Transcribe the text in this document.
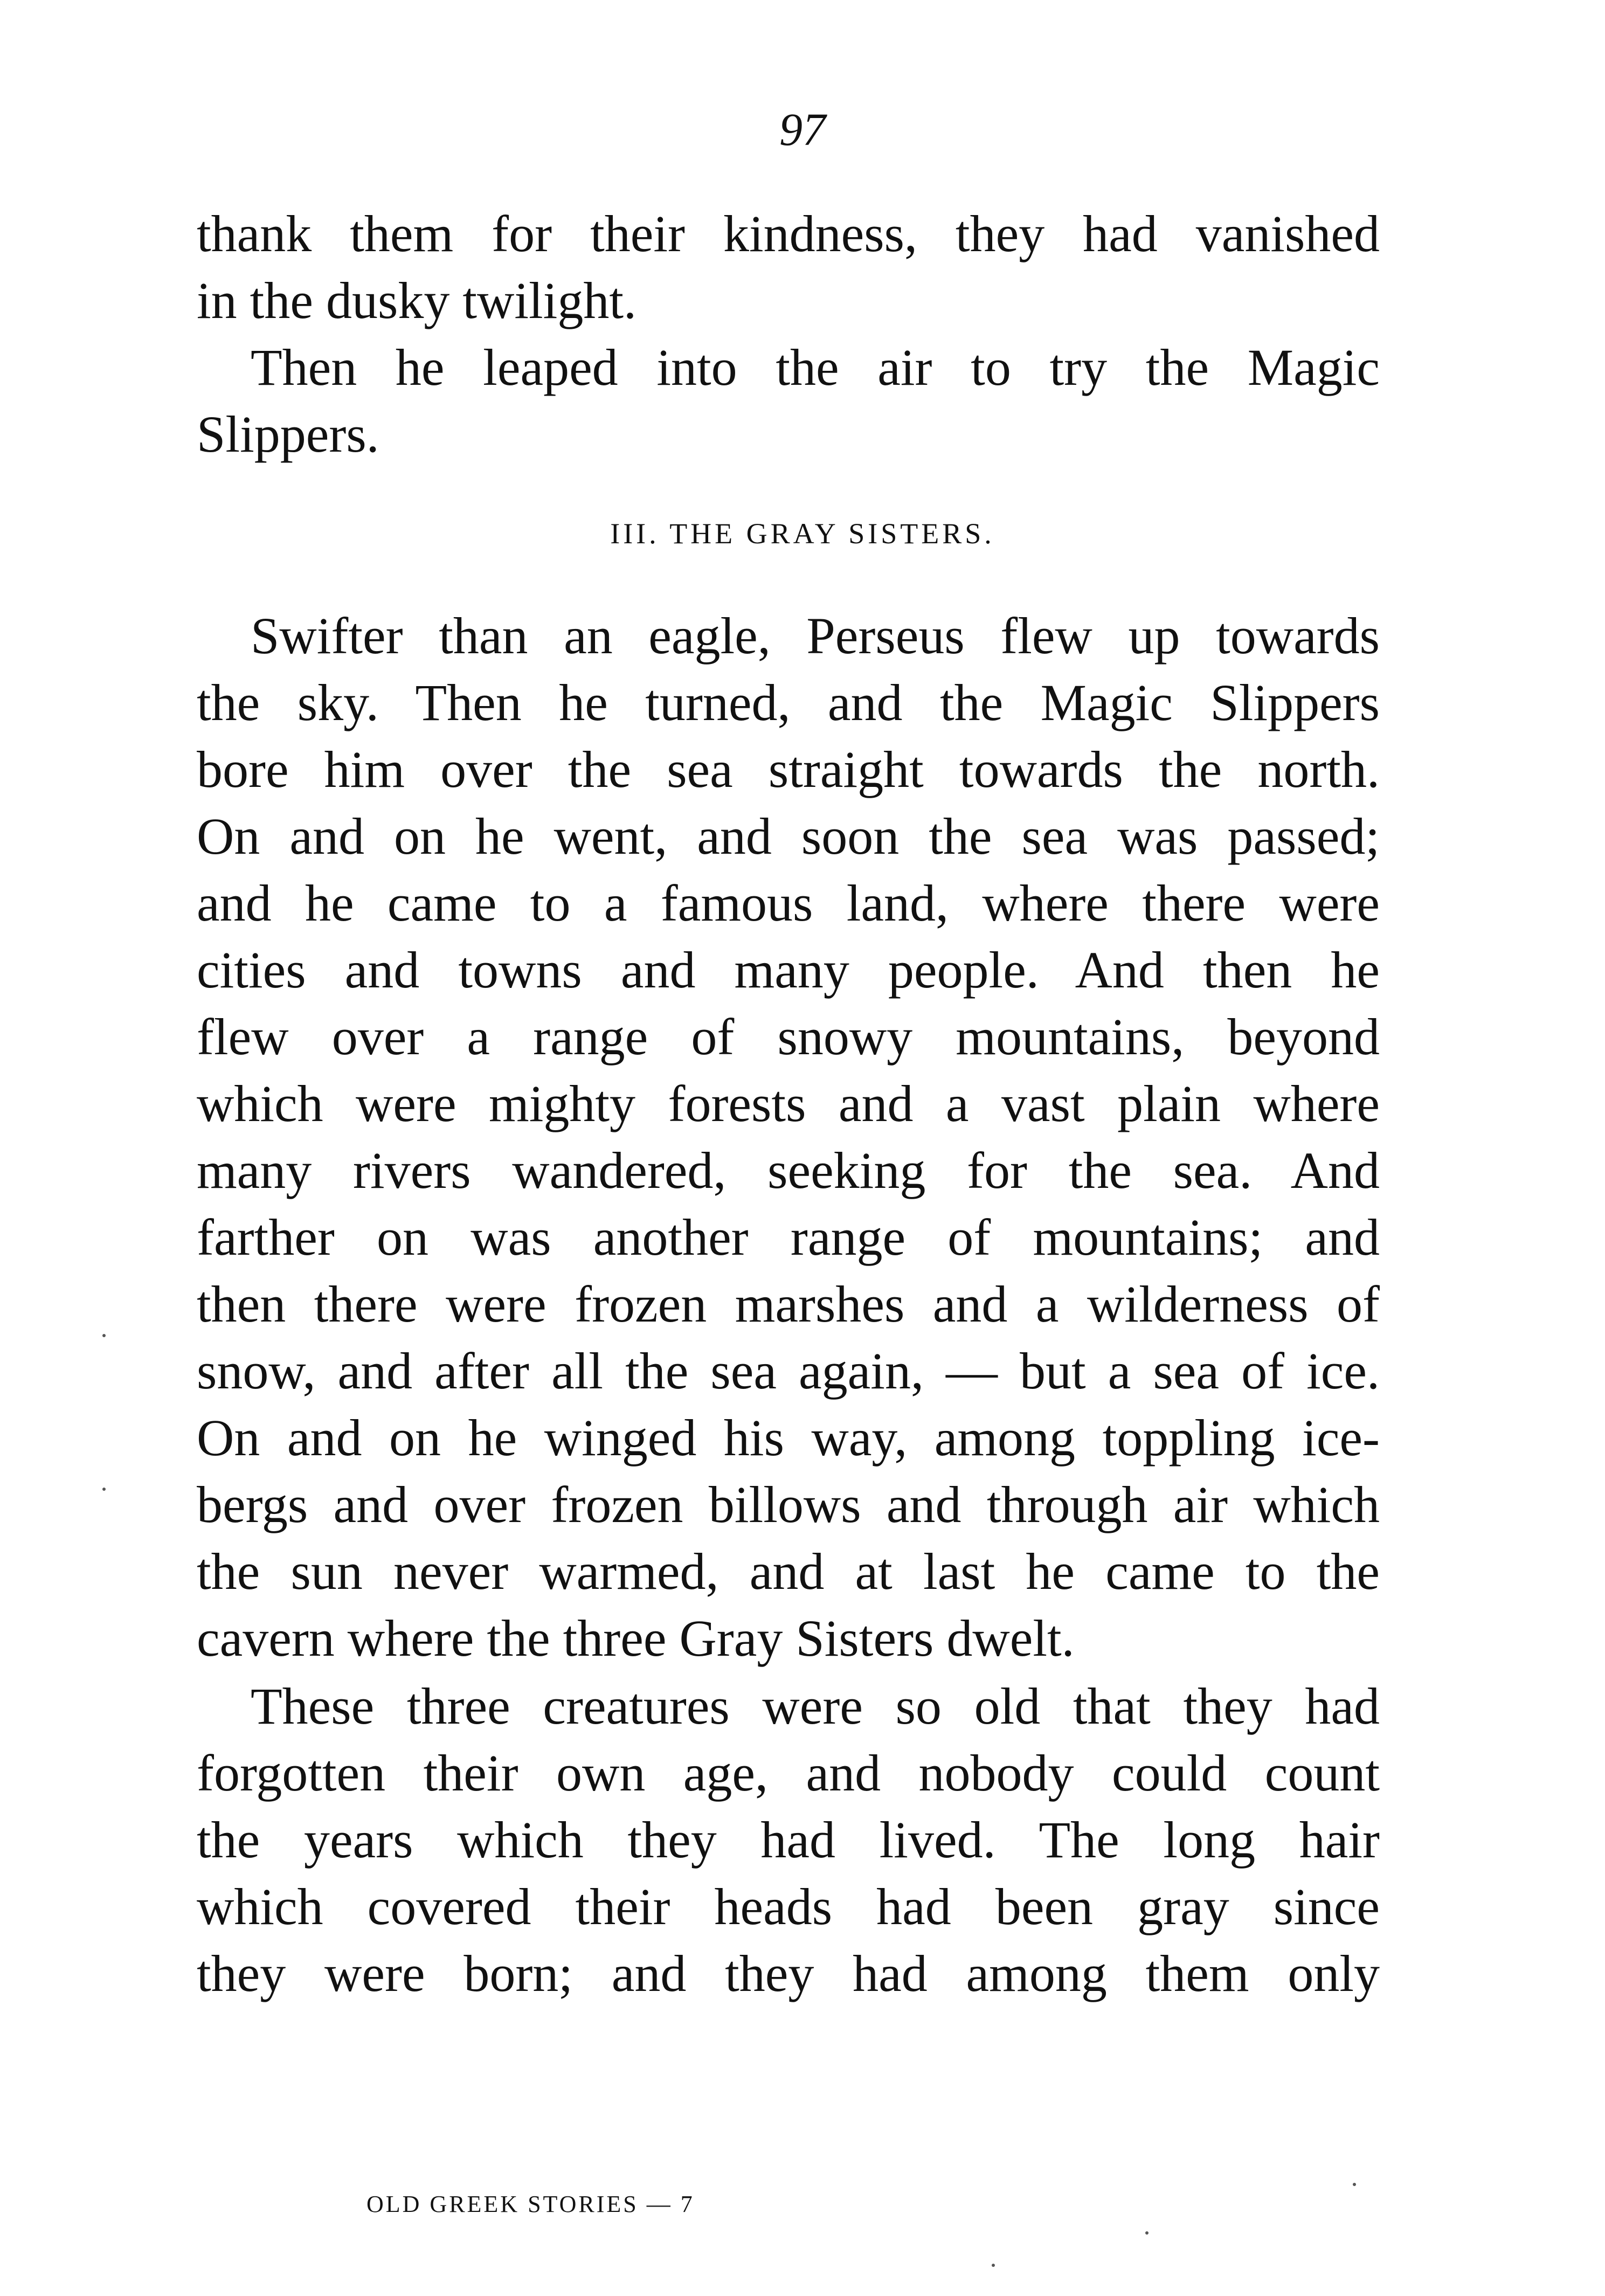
97
thank them for their kindness, they had vanished
in the dusky twilight.
Then he leaped into the air to try the Magic
Slippers.
III. THE GRAY SISTERS.
Swifter than an eagle, Perseus flew up towards
the sky. Then he turned, and the Magic Slippers
bore him over the sea straight towards the north.
On and on he went, and soon the sea was passed;
and he came to a famous land, where there were
cities and towns and many people. And then he
flew over a range of snowy mountains, beyond
which were mighty forests and a vast plain where
many rivers wandered, seeking for the sea. And
farther on was another range of mountains; and
then there were frozen marshes and a wilderness of
snow, and after all the sea again, — but a sea of ice.
On and on he winged his way, among toppling ice-
bergs and over frozen billows and through air which
the sun never warmed, and at last he came to the
cavern where the three Gray Sisters dwelt.
These three creatures were so old that they had
forgotten their own age, and nobody could count
the years which they had lived. The long hair
which covered their heads had been gray since
they were born; and they had among them only
OLD GREEK STORIES — 7
